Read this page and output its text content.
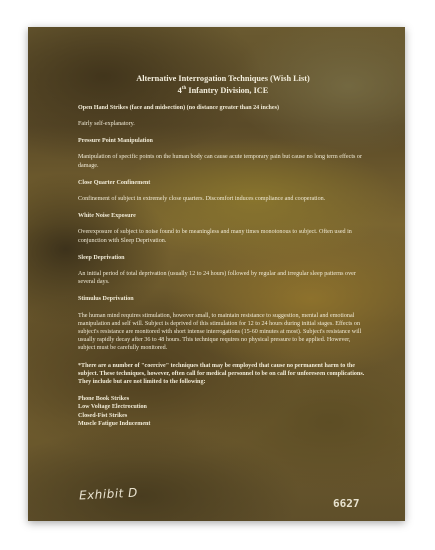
Alternative Interrogation Techniques (Wish List)
4th Infantry Division, ICE

Open Hand Strikes (face and midsection) (no distance greater than 24 inches)

Fairly self-explanatory.

Pressure Point Manipulation

Manipulation of specific points on the human body can cause acute temporary pain but cause no long term effects or damage.

Close Quarter Confinement

Confinement of subject in extremely close quarters. Discomfort induces compliance and cooperation.

White Noise Exposure

Overexposure of subject to noise found to be meaningless and many times monotonous to subject. Often used in conjunction with Sleep Deprivation.

Sleep Deprivation

An initial period of total deprivation (usually 12 to 24 hours) followed by regular and irregular sleep patterns over several days.

Stimulus Deprivation

The human mind requires stimulation, however small, to maintain resistance to suggestion, mental and emotional manipulation and self will. Subject is deprived of this stimulation for 12 to 24 hours during initial stages. Effects on subject's resistance are monitored with short intense interrogations (15-60 minutes at most). Subject's resistance will usually rapidly decay after 36 to 48 hours. This technique requires no physical pressure to be applied. However, subject must be carefully monitored.

*There are a number of "coercive" techniques that may be employed that cause no permanent harm to the subject. These techniques, however, often call for medical personnel to be on call for unforeseen complications. They include but are not limited to the following:

Phone Book Strikes

Low Voltage Electrocution

Closed-Fist Strikes

Muscle Fatigue Inducement

Exhibit D
6627
